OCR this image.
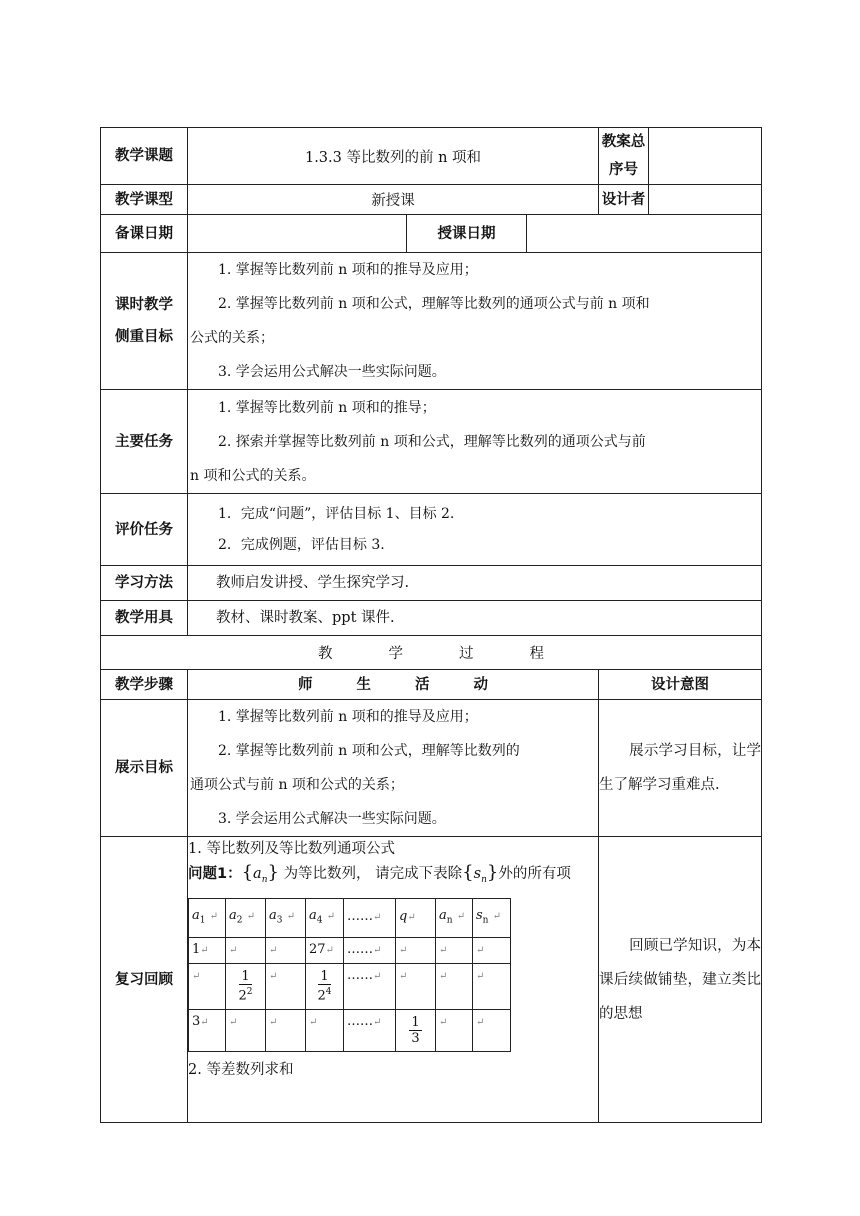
教学课题	1.3.3 等比数列的前 n 项和	教案总序号	
教学课型	新授课	设计者	
备课日期		授课日期	

课时教学
侧重目标

1. 掌握等比数列前 n 项和的推导及应用；
2. 掌握等比数列前 n 项和公式，理解等比数列的通项公式与前 n 项和
公式的关系；
3. 学会运用公式解决一些实际问题。

主要任务	
1. 掌握等比数列前 n 项和的推导；
2. 探索并掌握等比数列前 n 项和公式，理解等比数列的通项公式与前
n 项和公式的关系。

评价任务	
1．完成“问题”，评估目标 1、目标 2.
2．完成例题，评估目标 3.

学习方法	教师启发讲授、学生探究学习.
教学用具	教材、课时教案、ppt 课件.
教	学	过	程
教学步骤	师	生	活	动	设计意图
展示目标	
1. 掌握等比数列前 n 项和的推导及应用；
2. 掌握等比数列前 n 项和公式，理解等比数列的
通项公式与前 n 项和公式的关系；
3. 学会运用公式解决一些实际问题。
	展示学习目标，让学生了解学习重难点.
复习回顾	
1. 等比数列及等比数列通项公式
问题1：$\{a_n\}$ 为等比数列， 请完成下表除$\{s_n\}$外的所有项
$a_1$ ↵	$a_2$ ↵	$a_3$ ↵	$a_4$ ↵	……↵	q↵	$a_n$ ↵	$s_n$ ↵
1↵	↵	↵	27↵	……↵	↵	↵	↵
↵	$\frac{1}{2^2}$	↵	$\frac{1}{2^4}$	……↵	↵	↵	↵
3↵	↵	↵	↵	……↵	$\frac{1}{3}$	↵	↵
2. 等差数列求和
	回顾已学知识，为本课后续做铺垫，建立类比的思想
